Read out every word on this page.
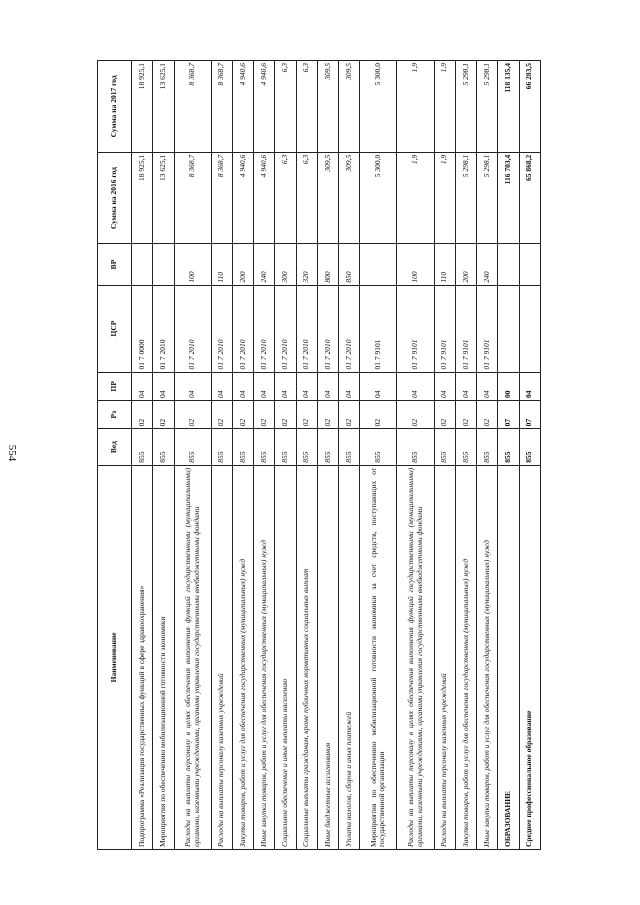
554
Наименование	Вед	Рз	ПР	ЦСР	ВР	Сумма на 2016 год	Сумма на 2017 год
Подпрограмма «Реализация государственных функций в сфере здравоохранения»	855	02	04	01 7 0000		18 925,1	18 925,1
Мероприятия по обеспечению мобилизационной готовности экономики	855	02	04	01 7 2010		13 625,1	13 625,1
Расходы на выплаты персоналу в целях обеспечения выполнения функций государственными (муниципальными) органами, казенными учреждениями, органами управления государственными внебюджетными фондами	855	02	04	01 7 2010	100	8 368,7	8 368,7
Расходы на выплаты персоналу казенных учреждений	855	02	04	01 7 2010	110	8 368,7	8 368,7
Закупка товаров, работ и услуг для обеспечения государственных (муниципальных) нужд	855	02	04	01 7 2010	200	4 940,6	4 940,6
Иные закупки товаров, работ и услуг для обеспечения государственных (муниципальных) нужд	855	02	04	01 7 2010	240	4 940,6	4 940,6
Социальное обеспечение и иные выплаты населению	855	02	04	01 7 2010	300	6,3	6,3
Социальные выплаты гражданам, кроме публичных нормативных социальных выплат	855	02	04	01 7 2010	320	6,3	6,3
Иные бюджетные ассигнования	855	02	04	01 7 2010	800	309,5	309,5
Уплата налогов, сборов и иных платежей	855	02	04	01 7 2010	850	309,5	309,5
Мероприятия по обеспечению мобилизационной готовности экономики за счет средств, поступающих от государственной организации	855	02	04	01 7 9101		5 300,0	5 300,0
Расходы на выплаты персоналу в целях обеспечения выполнения функций государственными (муниципальными) органами, казенными учреждениями, органами управления государственными внебюджетными фондами	855	02	04	01 7 9101	100	1,9	1,9
Расходы на выплаты персоналу казенных учреждений	855	02	04	01 7 9101	110	1,9	1,9
Закупка товаров, работ и услуг для обеспечения государственных (муниципальных) нужд	855	02	04	01 7 9101	200	5 298,1	5 298,1
Иные закупки товаров, работ и услуг для обеспечения государственных (муниципальных) нужд	855	02	04	01 7 9101	240	5 298,1	5 298,1
ОБРАЗОВАНИЕ	855	07	00			116 703,4	118 135,4
Среднее профессиональное образование	855	07	04			65 868,2	66 283,5
